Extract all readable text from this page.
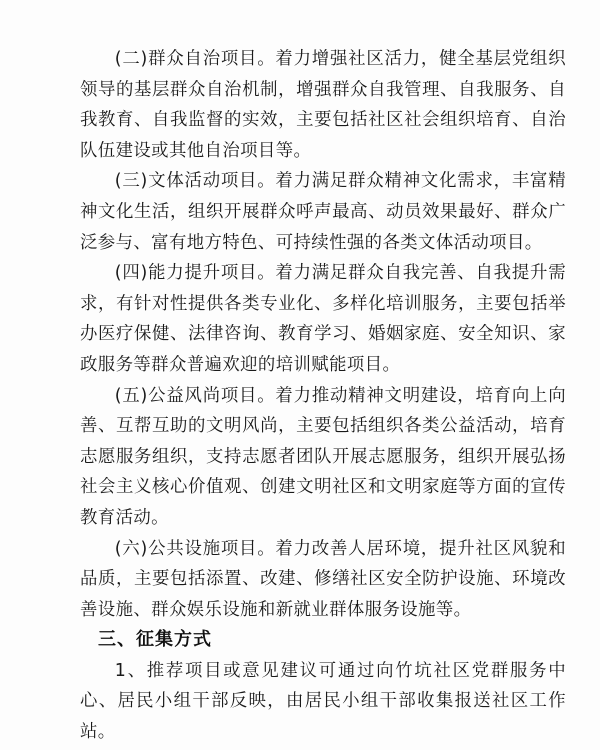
(二)群众自治项目。着力增强社区活力，健全基层党组织领导的基层群众自治机制，增强群众自我管理、自我服务、自我教育、自我监督的实效，主要包括社区社会组织培育、自治队伍建设或其他自治项目等。

(三)文体活动项目。着力满足群众精神文化需求，丰富精神文化生活，组织开展群众呼声最高、动员效果最好、群众广泛参与、富有地方特色、可持续性强的各类文体活动项目。

(四)能力提升项目。着力满足群众自我完善、自我提升需求，有针对性提供各类专业化、多样化培训服务，主要包括举办医疗保健、法律咨询、教育学习、婚姻家庭、安全知识、家政服务等群众普遍欢迎的培训赋能项目。

(五)公益风尚项目。着力推动精神文明建设，培育向上向善、互帮互助的文明风尚，主要包括组织各类公益活动，培育志愿服务组织，支持志愿者团队开展志愿服务，组织开展弘扬社会主义核心价值观、创建文明社区和文明家庭等方面的宣传教育活动。

(六)公共设施项目。着力改善人居环境，提升社区风貌和品质，主要包括添置、改建、修缮社区安全防护设施、环境改善设施、群众娱乐设施和新就业群体服务设施等。

三、征集方式

1、推荐项目或意见建议可通过向竹坑社区党群服务中心、居民小组干部反映，由居民小组干部收集报送社区工作站。
